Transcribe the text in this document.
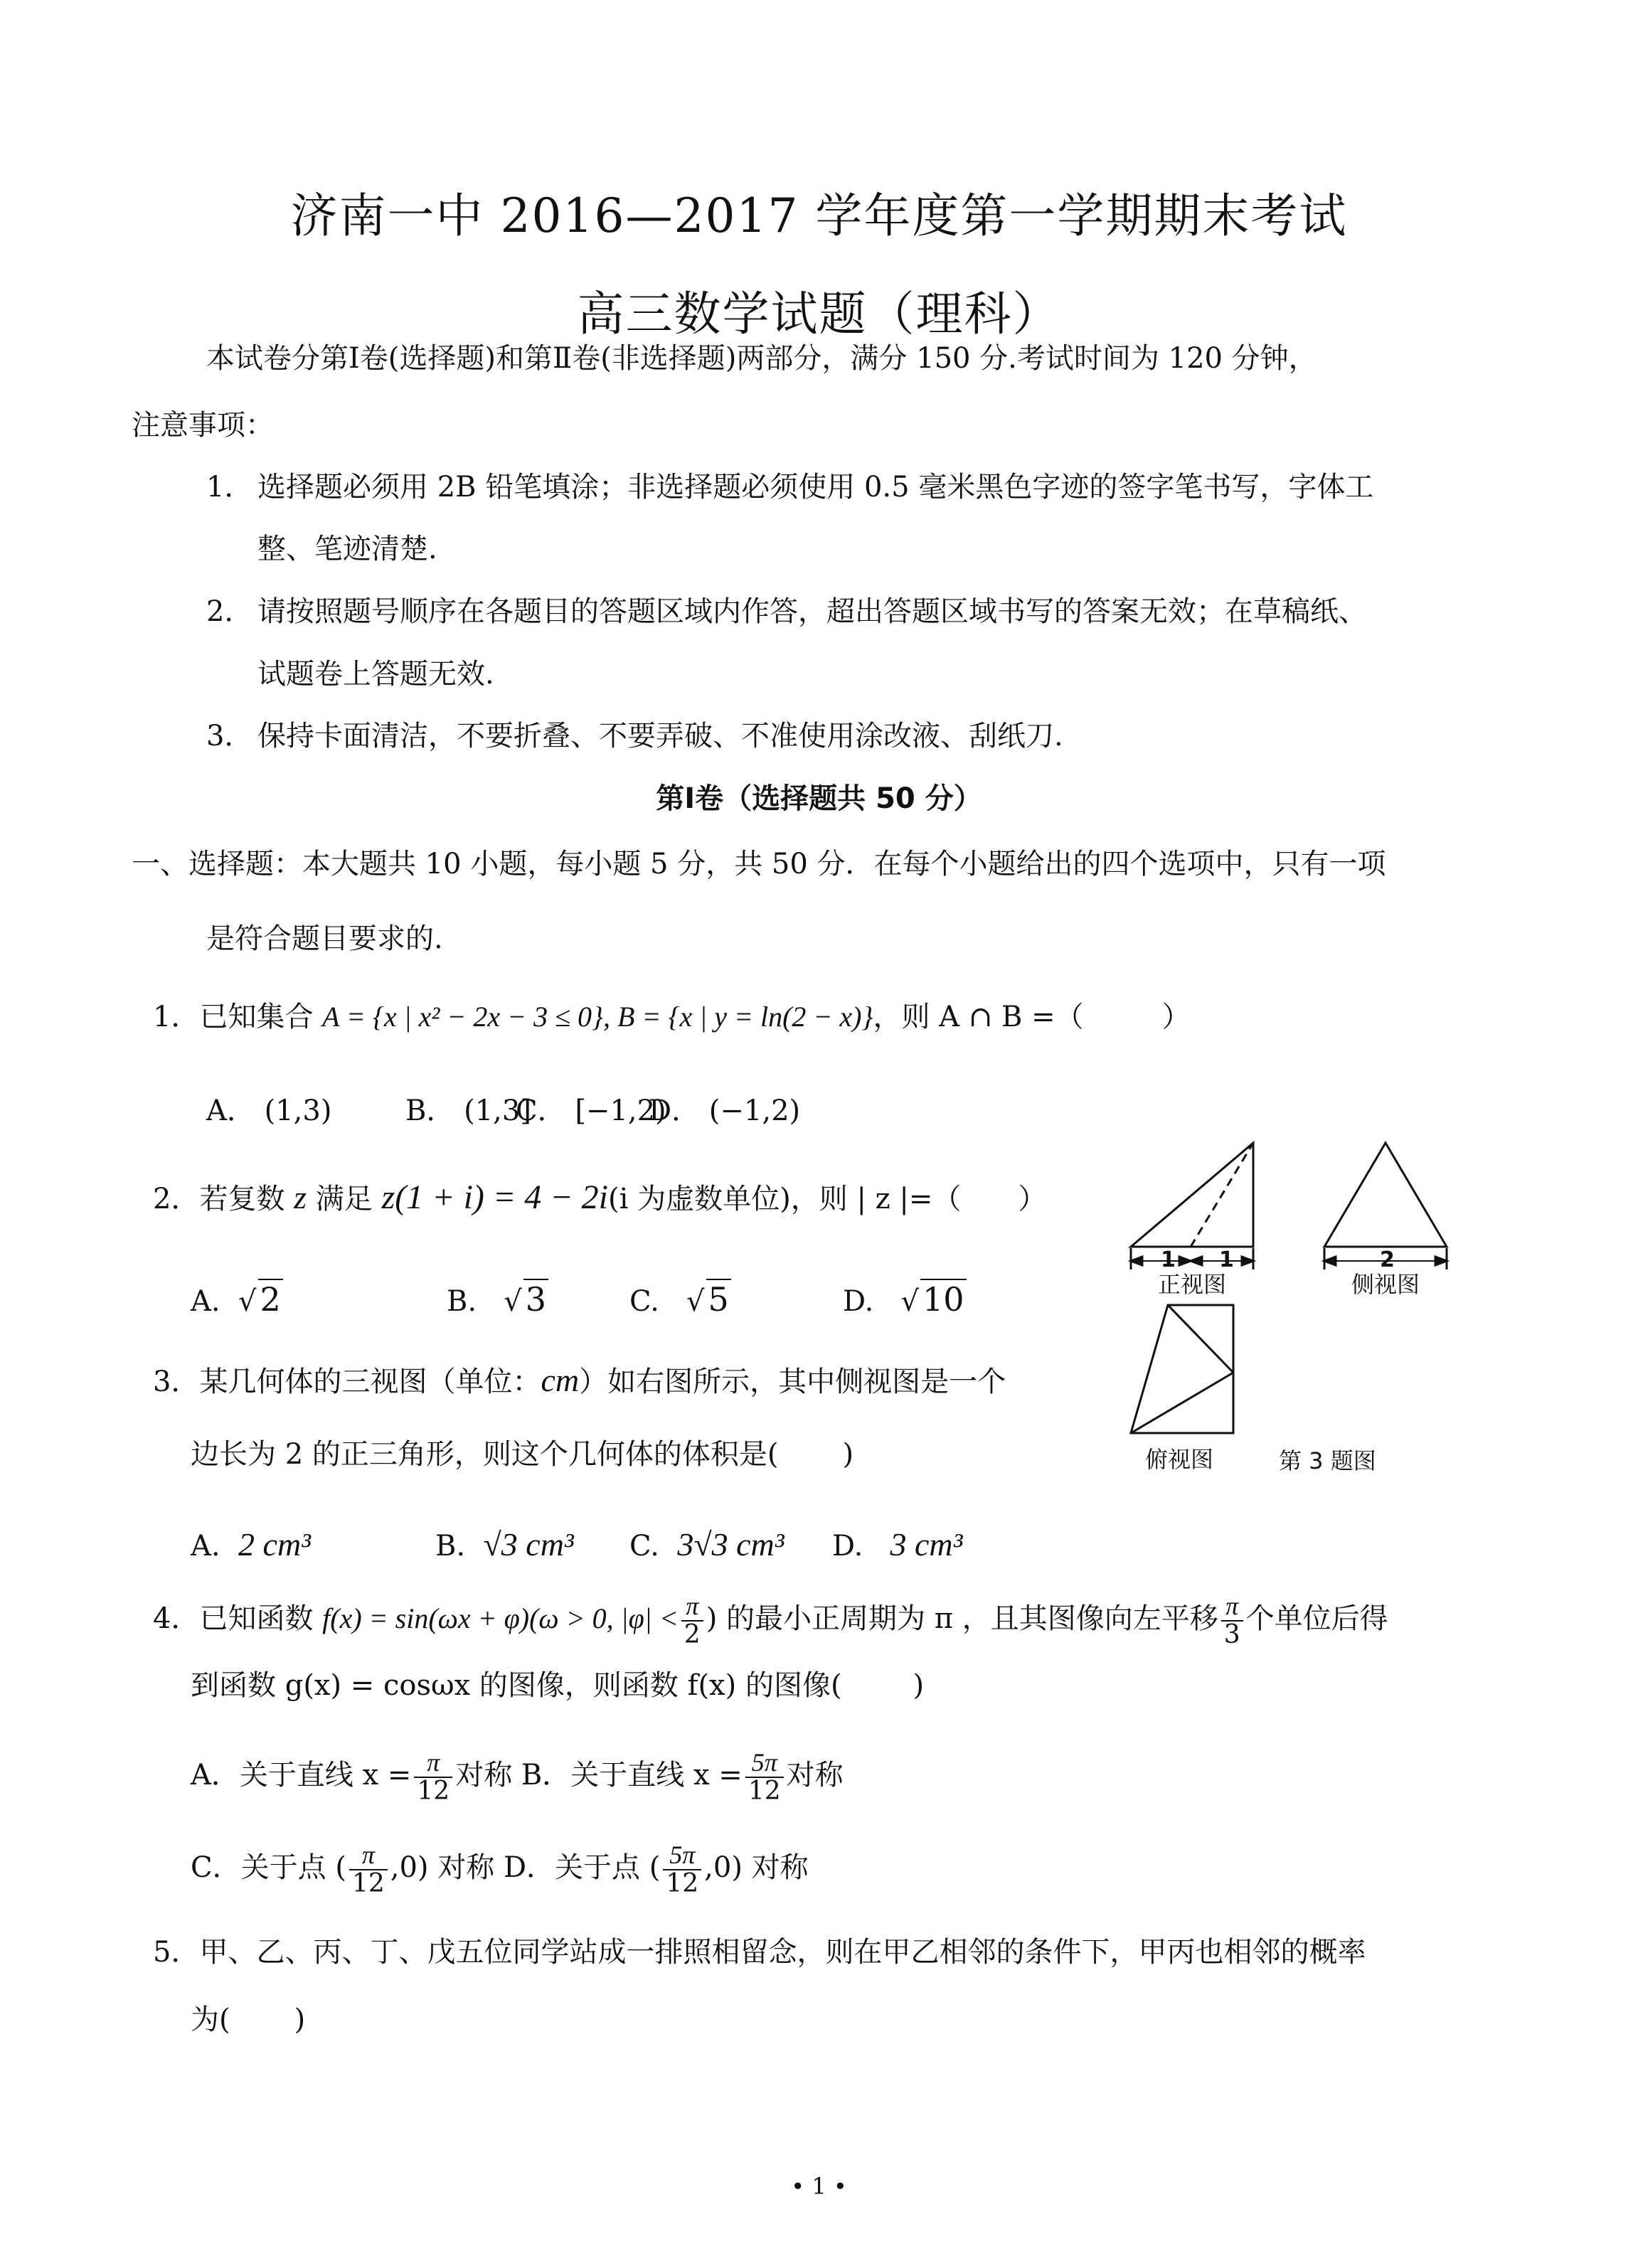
济南一中 2016—2017 学年度第一学期期末考试
高三数学试题（理科）
本试卷分第Ⅰ卷(选择题)和第Ⅱ卷(非选择题)两部分，满分 150 分.考试时间为 120 分钟，
注意事项：
1． 选择题必须用 2B 铅笔填涂；非选择题必须使用 0.5 毫米黑色字迹的签字笔书写，字体工
整、笔迹清楚.
2． 请按照题号顺序在各题目的答题区域内作答，超出答题区域书写的答案无效；在草稿纸、
试题卷上答题无效.
3． 保持卡面清洁，不要折叠、不要弄破、不准使用涂改液、刮纸刀.
第Ⅰ卷（选择题共 50 分）
一、选择题：本大题共 10 小题，每小题 5 分，共 50 分．在每个小题给出的四个选项中，只有一项
是符合题目要求的.
1．已知集合 A = {x | x² − 2x − 3 ≤ 0}, B = {x | y = ln(2 − x)}，则 A ∩ B =（	）
A． (1,3)	B． (1,3]
C． [−1,2)
D． (−1,2)
2．若复数 z 满足 z(1 + i) = 4 − 2i(i 为虚数单位)，则 | z |=（ ）
A.  √ 2	B.   √ 3	C.   √ 5	D.   √ 10
3．某几何体的三视图（单位：cm）如右图所示，其中侧视图是一个
边长为 2 的正三角形，则这个几何体的体积是( )
A. 2 cm³	B. √3 cm³ C. 3√3 cm³ D. 3 cm³
1 1
正视图
2
侧视图
俯视图	第 3 题图
4．已知函数 f(x) = sin(ωx + φ)(ω > 0, $|\varphi| < \frac{\pi}{2}$ ) 的最小正周期为 π ，且其图像向左平移 $\frac{\pi}{3}$ 个单位后得
到函数 g(x) = cosωx 的图像，则函数 f(x) 的图像(	)
A．关于直线 $x = \frac{\pi}{12}$ 对称 B．关于直线 $x = \frac{5\pi}{12}$ 对称
C．关于点 ( $\frac{\pi}{12} ,0$) 对称 D．关于点 ( $\frac{5\pi}{12} ,0$) 对称
5．甲、乙、丙、丁、戊五位同学站成一排照相留念，则在甲乙相邻的条件下，甲丙也相邻的概率
为( )
• 1 •
